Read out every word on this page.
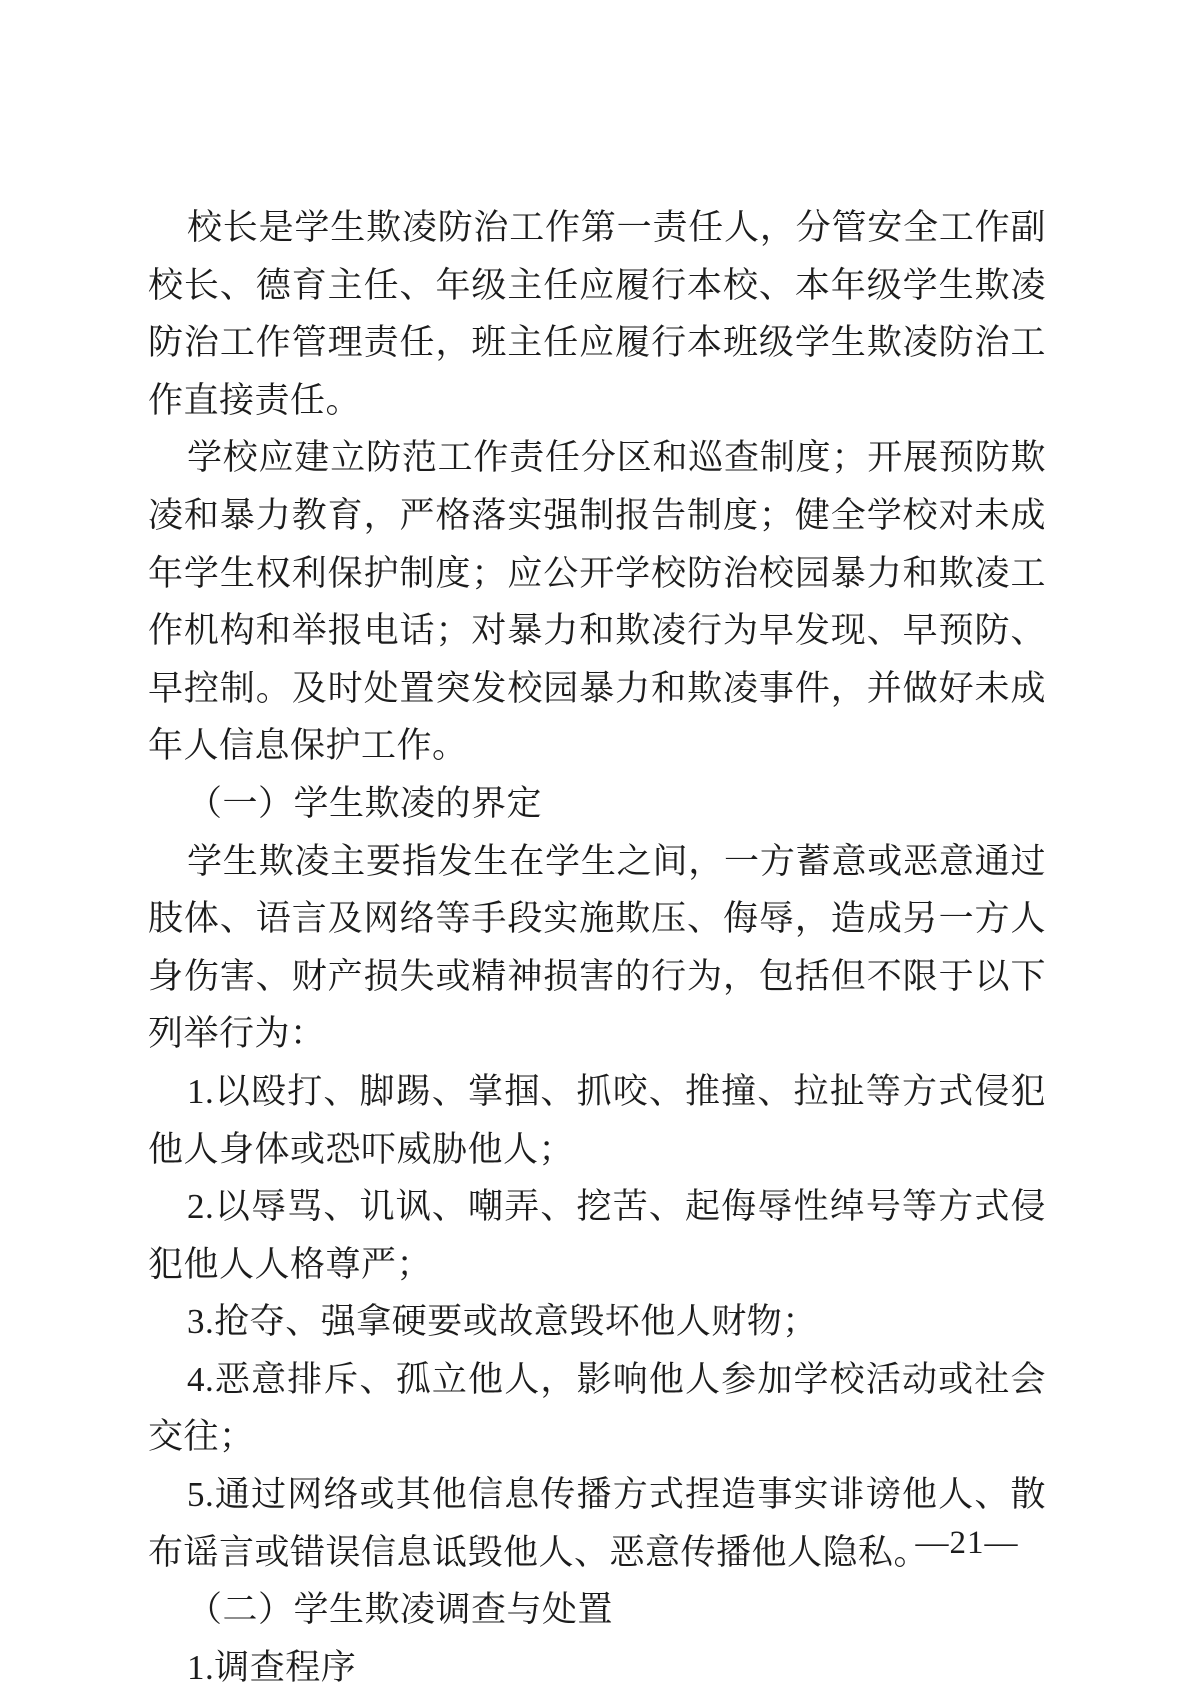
校长是学生欺凌防治工作第一责任人，分管安全工作副校长、德育主任、年级主任应履行本校、本年级学生欺凌防治工作管理责任，班主任应履行本班级学生欺凌防治工作直接责任。

学校应建立防范工作责任分区和巡查制度；开展预防欺凌和暴力教育，严格落实强制报告制度；健全学校对未成年学生权利保护制度；应公开学校防治校园暴力和欺凌工作机构和举报电话；对暴力和欺凌行为早发现、早预防、早控制。及时处置突发校园暴力和欺凌事件，并做好未成年人信息保护工作。

（一）学生欺凌的界定

学生欺凌主要指发生在学生之间，一方蓄意或恶意通过肢体、语言及网络等手段实施欺压、侮辱，造成另一方人身伤害、财产损失或精神损害的行为，包括但不限于以下列举行为：

1.以殴打、脚踢、掌掴、抓咬、推撞、拉扯等方式侵犯他人身体或恐吓威胁他人；

2.以辱骂、讥讽、嘲弄、挖苦、起侮辱性绰号等方式侵犯他人人格尊严；

3.抢夺、强拿硬要或故意毁坏他人财物；

4.恶意排斥、孤立他人，影响他人参加学校活动或社会交往；

5.通过网络或其他信息传播方式捏造事实诽谤他人、散布谣言或错误信息诋毁他人、恶意传播他人隐私。

（二）学生欺凌调查与处置

1.调查程序

—21—
